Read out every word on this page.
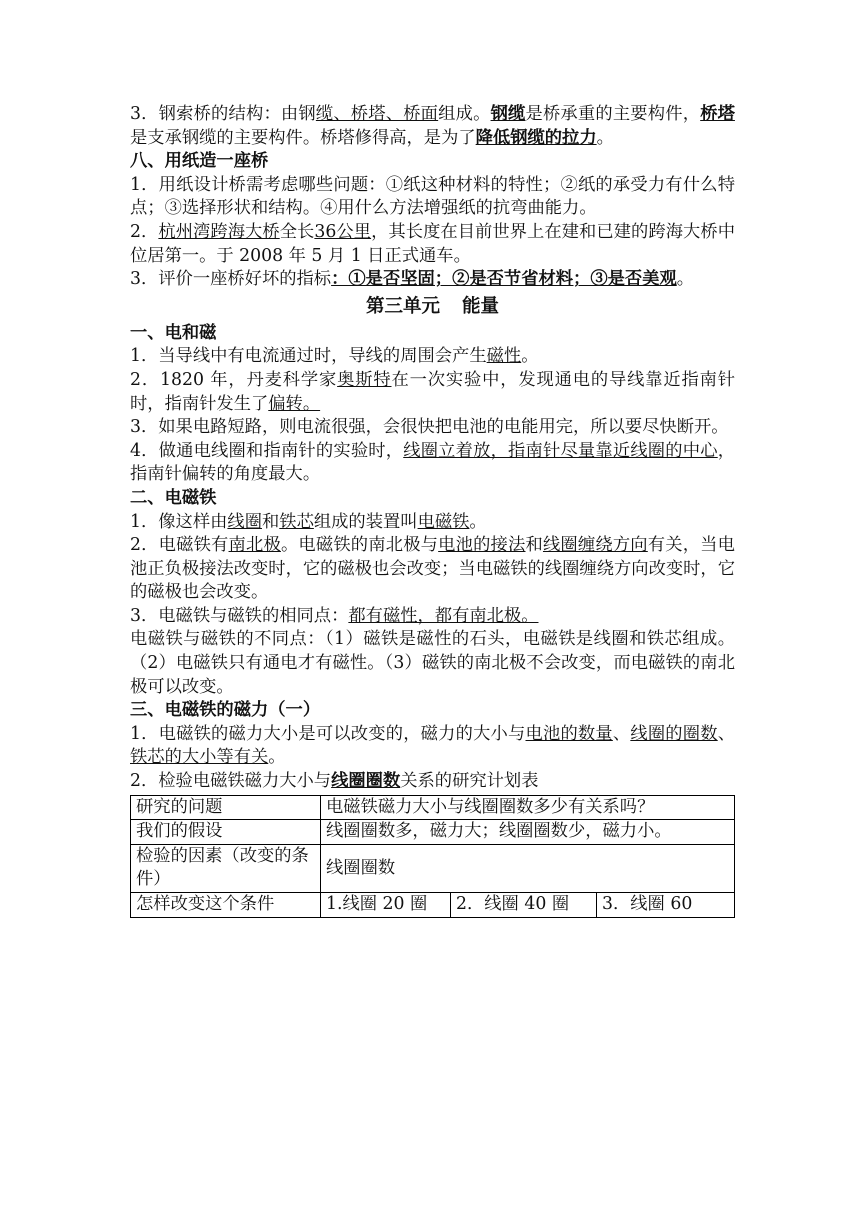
3．钢索桥的结构：由钢缆、桥塔、桥面组成。钢缆是桥承重的主要构件，桥塔是支承钢缆的主要构件。桥塔修得高，是为了降低钢缆的拉力。

八、用纸造一座桥

1．用纸设计桥需考虑哪些问题：①纸这种材料的特性；②纸的承受力有什么特点；③选择形状和结构。④用什么方法增强纸的抗弯曲能力。

2．杭州湾跨海大桥全长36公里，其长度在目前世界上在建和已建的跨海大桥中位居第一。于 2008 年 5 月 1 日正式通车。

3．评价一座桥好坏的指标：①是否坚固；②是否节省材料；③是否美观。

第三单元 能量

一、电和磁

1．当导线中有电流通过时，导线的周围会产生磁性。

2．1820 年，丹麦科学家奥斯特在一次实验中，发现通电的导线靠近指南针时，指南针发生了偏转。

3．如果电路短路，则电流很强，会很快把电池的电能用完，所以要尽快断开。

4．做通电线圈和指南针的实验时，线圈立着放，指南针尽量靠近线圈的中心，指南针偏转的角度最大。

二、电磁铁

1．像这样由线圈和铁芯组成的装置叫电磁铁。

2．电磁铁有南北极。电磁铁的南北极与电池的接法和线圈缠绕方向有关，当电池正负极接法改变时，它的磁极也会改变；当电磁铁的线圈缠绕方向改变时，它的磁极也会改变。

3．电磁铁与磁铁的相同点：都有磁性，都有南北极。

电磁铁与磁铁的不同点：（1）磁铁是磁性的石头，电磁铁是线圈和铁芯组成。（2）电磁铁只有通电才有磁性。（3）磁铁的南北极不会改变，而电磁铁的南北极可以改变。

三、电磁铁的磁力（一）

1．电磁铁的磁力大小是可以改变的，磁力的大小与电池的数量、线圈的圈数、铁芯的大小等有关。

2．检验电磁铁磁力大小与线圈圈数关系的研究计划表

研究的问题	电磁铁磁力大小与线圈圈数多少有关系吗？		
我们的假设	线圈圈数多，磁力大；线圈圈数少，磁力小。		
检验的因素（改变的条件）	线圈圈数		
怎样改变这个条件	1.线圈 20 圈	2．线圈 40 圈	3．线圈 60
